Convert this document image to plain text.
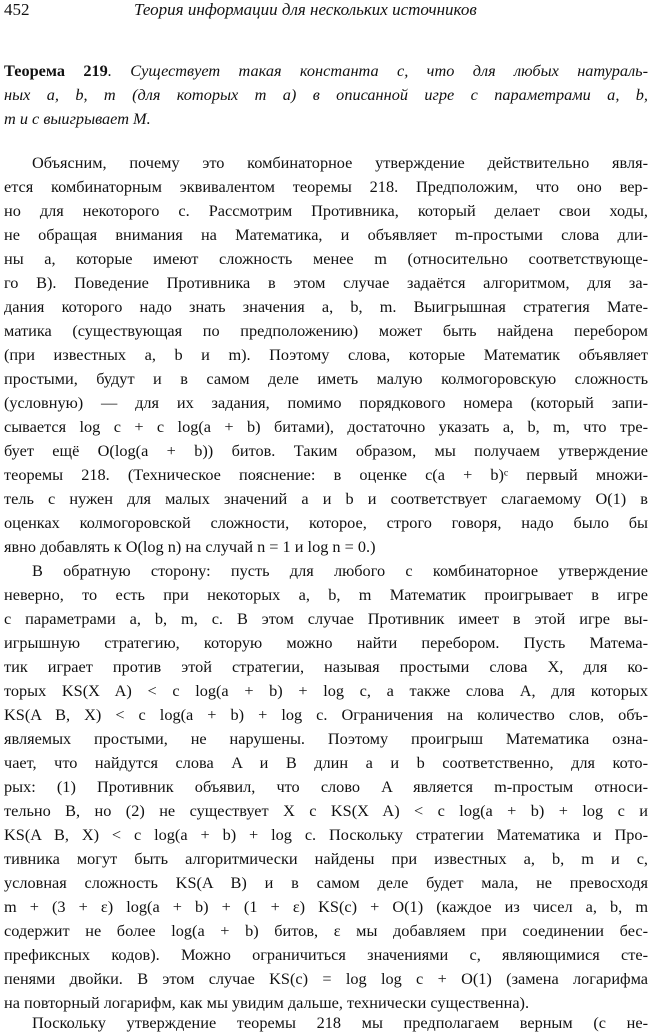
452	Теория информации для нескольких источников
Теорема 219. Существует такая константа c, что для любых натураль-
ных a, b, m (для которых m a) в описанной игре с параметрами a, b,
m и c выигрывает M.
Объясним, почему это комбинаторное утверждение действительно явля-
ется комбинаторным эквивалентом теоремы 218. Предположим, что оно вер-
но для некоторого c. Рассмотрим Противника, который делает свои ходы,
не обращая внимания на Математика, и объявляет m-простыми слова дли-
ны a, которые имеют сложность менее m (относительно соответствующе-
го B). Поведение Противника в этом случае задаётся алгоритмом, для за-
дания которого надо знать значения a, b, m. Выигрышная стратегия Мате-
матика (существующая по предположению) может быть найдена перебором
(при известных a, b и m). Поэтому слова, которые Математик объявляет
простыми, будут и в самом деле иметь малую колмогоровскую сложность
(условную) — для их задания, помимо порядкового номера (который запи-
сывается log c + c log(a + b) битами), достаточно указать a, b, m, что тре-
бует ещё O(log(a + b)) битов. Таким образом, мы получаем утверждение
теоремы 218. (Техническое пояснение: в оценке c(a + b)ᶜ первый множи-
тель c нужен для малых значений a и b и соответствует слагаемому O(1) в
оценках колмогоровской сложности, которое, строго говоря, надо было бы
явно добавлять к O(log n) на случай n = 1 и log n = 0.)
В обратную сторону: пусть для любого c комбинаторное утверждение
неверно, то есть при некоторых a, b, m Математик проигрывает в игре
с параметрами a, b, m, c. В этом случае Противник имеет в этой игре вы-
игрышную стратегию, которую можно найти перебором. Пусть Матема-
тик играет против этой стратегии, называя простыми слова X, для ко-
торых KS(X A) < c log(a + b) + log c, а также слова A, для которых
KS(A B, X) < c log(a + b) + log c. Ограничения на количество слов, объ-
являемых простыми, не нарушены. Поэтому проигрыш Математика озна-
чает, что найдутся слова A и B длин a и b соответственно, для кото-
рых: (1) Противник объявил, что слово A является m-простым относи-
тельно B, но (2) не существует X с KS(X A) < c log(a + b) + log c и
KS(A B, X) < c log(a + b) + log c. Поскольку стратегии Математика и Про-
тивника могут быть алгоритмически найдены при известных a, b, m и c,
условная сложность KS(A B) и в самом деле будет мала, не превосходя
m + (3 + ε) log(a + b) + (1 + ε) KS(c) + O(1) (каждое из чисел a, b, m
содержит не более log(a + b) битов, ε мы добавляем при соединении бес-
префиксных кодов). Можно ограничиться значениями c, являющимися сте-
пенями двойки. В этом случае KS(c) = log log c + O(1) (замена логарифма
на повторный логарифм, как мы увидим дальше, технически существенна).
Поскольку утверждение теоремы 218 мы предполагаем верным (с не-
